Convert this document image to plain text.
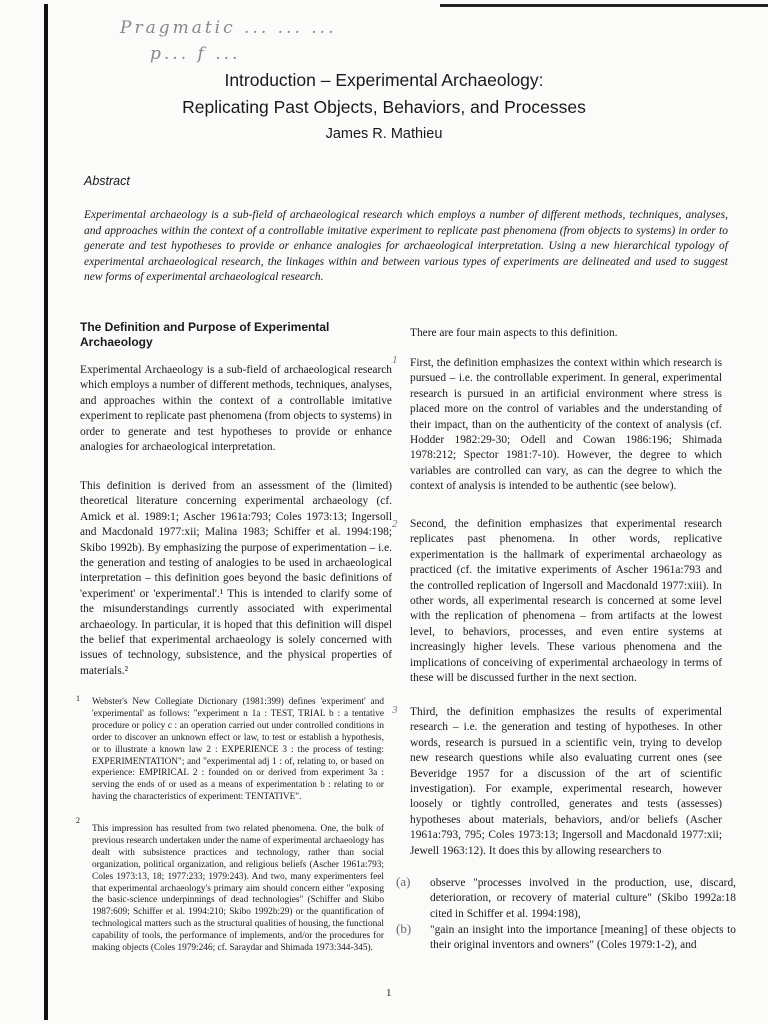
Pragmatic ... ... ...
p... f ...
Introduction – Experimental Archaeology:
Replicating Past Objects, Behaviors, and Processes
James R. Mathieu
Abstract
Experimental archaeology is a sub-field of archaeological research which employs a number of different methods, techniques, analyses, and approaches within the context of a controllable imitative experiment to replicate past phenomena (from objects to systems) in order to generate and test hypotheses to provide or enhance analogies for archaeological interpretation. Using a new hierarchical typology of experimental archaeological research, the linkages within and between various types of experiments are delineated and used to suggest new forms of experimental archaeological research.
The Definition and Purpose of Experimental Archaeology
Experimental Archaeology is a sub-field of archaeological research which employs a number of different methods, techniques, analyses, and approaches within the context of a controllable imitative experiment to replicate past phenomena (from objects to systems) in order to generate and test hypotheses to provide or enhance analogies for archaeological interpretation.
This definition is derived from an assessment of the (limited) theoretical literature concerning experimental archaeology (cf. Amick et al. 1989:1; Ascher 1961a:793; Coles 1973:13; Ingersoll and Macdonald 1977:xii; Malina 1983; Schiffer et al. 1994:198; Skibo 1992b). By emphasizing the purpose of experimentation – i.e. the generation and testing of analogies to be used in archaeological interpretation – this definition goes beyond the basic definitions of 'experiment' or 'experimental'.¹ This is intended to clarify some of the misunderstandings currently associated with experimental archaeology. In particular, it is hoped that this definition will dispel the belief that experimental archaeology is solely concerned with issues of technology, subsistence, and the physical properties of materials.²
1 Webster's New Collegiate Dictionary (1981:399) defines 'experiment' and 'experimental' as follows: "experiment n 1a : TEST, TRIAL b : a tentative procedure or policy c : an operation carried out under controlled conditions in order to discover an unknown effect or law, to test or establish a hypothesis, or to illustrate a known law 2 : EXPERIENCE 3 : the process of testing: EXPERIMENTATION"; and "experimental adj 1 : of, relating to, or based on experience: EMPIRICAL 2 : founded on or derived from experiment 3a : serving the ends of or used as a means of experimentation b : relating to or having the characteristics of experiment: TENTATIVE".
2
This impression has resulted from two related phenomena. One, the bulk of previous research undertaken under the name of experimental archaeology has dealt with subsistence practices and technology, rather than social organization, political organization, and religious beliefs (Ascher 1961a:793; Coles 1973:13, 18; 1977:233; 1979:243). And two, many experimenters feel that experimental archaeology's primary aim should concern either "exposing the basic-science underpinnings of dead technologies" (Schiffer and Skibo 1987:609; Schiffer et al. 1994:210; Skibo 1992b:29) or the quantification of technological matters such as the structural qualities of housing, the functional capability of tools, the performance of implements, and/or the procedures for making objects (Coles 1979:246; cf. Saraydar and Shimada 1973:344-345).
There are four main aspects to this definition.
1 First, the definition emphasizes the context within which research is pursued – i.e. the controllable experiment. In general, experimental research is pursued in an artificial environment where stress is placed more on the control of variables and the understanding of their impact, than on the authenticity of the context of analysis (cf. Hodder 1982:29-30; Odell and Cowan 1986:196; Shimada 1978:212; Spector 1981:7-10). However, the degree to which variables are controlled can vary, as can the degree to which the context of analysis is intended to be authentic (see below).
2 Second, the definition emphasizes that experimental research replicates past phenomena. In other words, replicative experimentation is the hallmark of experimental archaeology as practiced (cf. the imitative experiments of Ascher 1961a:793 and the controlled replication of Ingersoll and Macdonald 1977:xiii). In other words, all experimental research is concerned at some level with the replication of phenomena – from artifacts at the lowest level, to behaviors, processes, and even entire systems at increasingly higher levels. These various phenomena and the implications of conceiving of experimental archaeology in terms of these will be discussed further in the next section.
3 Third, the definition emphasizes the results of experimental research – i.e. the generation and testing of hypotheses. In other words, research is pursued in a scientific vein, trying to develop new research questions while also evaluating current ones (see Beveridge 1957 for a discussion of the art of scientific investigation). For example, experimental research, however loosely or tightly controlled, generates and tests (assesses) hypotheses about materials, behaviors, and/or beliefs (Ascher 1961a:793, 795; Coles 1973:13; Ingersoll and Macdonald 1977:xii; Jewell 1963:12). It does this by allowing researchers to
(a)	observe "processes involved in the production, use, discard, deterioration, or recovery of material culture" (Skibo 1992a:18 cited in Schiffer et al. 1994:198),
(b)	"gain an insight into the importance [meaning] of these objects to their original inventors and owners" (Coles 1979:1-2), and
1
